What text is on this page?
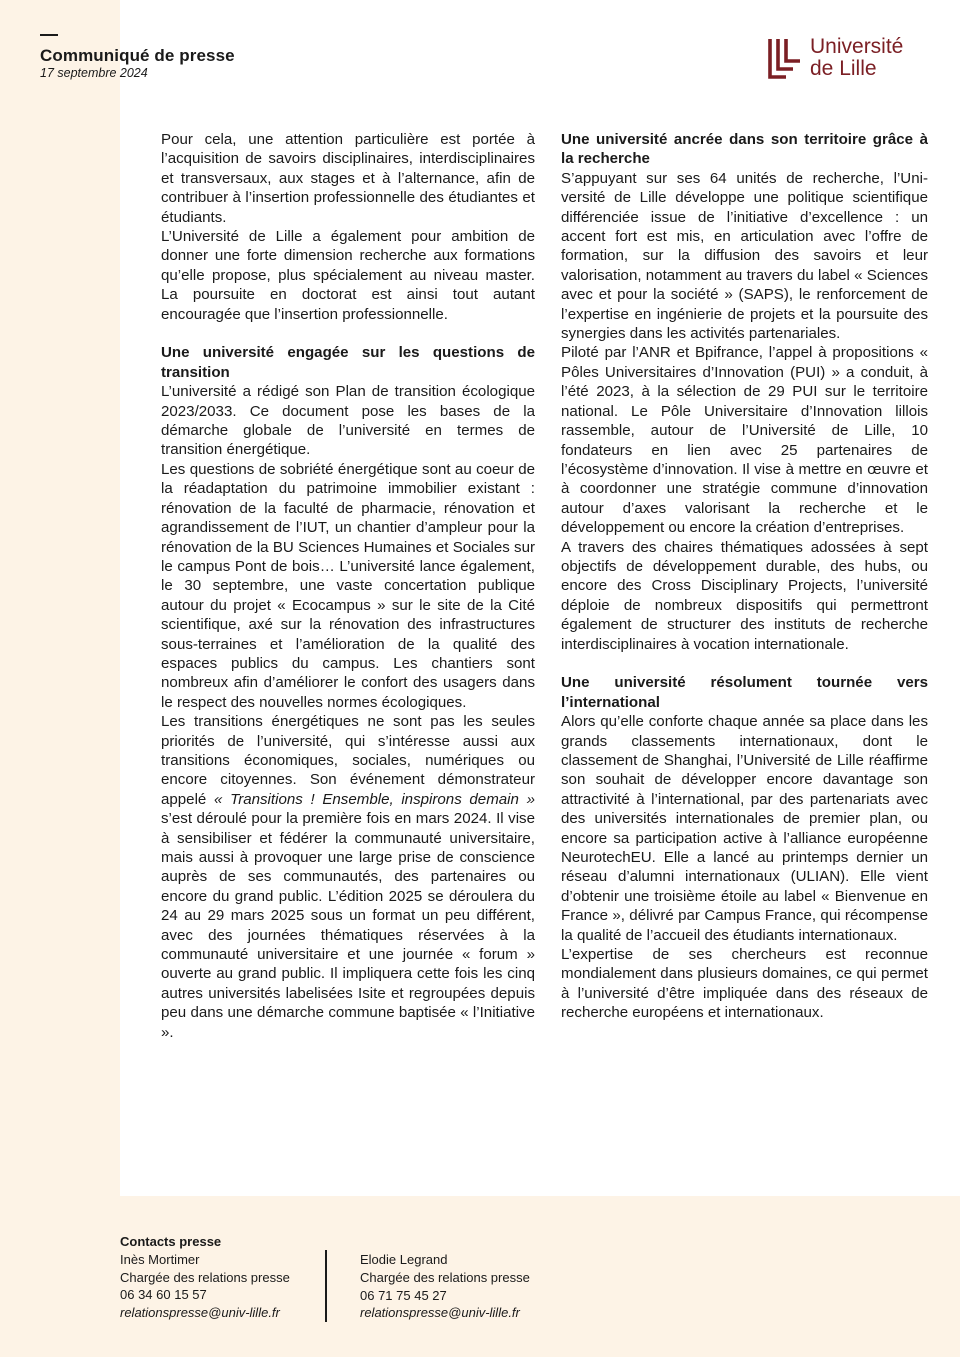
Communiqué de presse
17 septembre 2024
Université
de Lille

Pour cela, une attention particulière est portée à l’acquisition de savoirs disciplinaires, interdisciplinaires et transversaux, aux stages et à l’alternance, afin de contribuer à l’insertion professionnelle des étudiantes et étudiants.

L’Université de Lille a également pour ambition de donner une forte dimension recherche aux formations qu’elle propose, plus spécialement au niveau master. La poursuite en doctorat est ainsi tout autant encouragée que l’insertion professionnelle.

Une université engagée sur les questions de transition

L’université a rédigé son Plan de transition écologique 2023/2033. Ce document pose les bases de la démarche globale de l’université en termes de transition énergétique.

Les questions de sobriété énergétique sont au coeur de la réadaptation du patrimoine immobilier existant : rénovation de la faculté de pharmacie, rénovation et agrandissement de l’IUT, un chantier d’ampleur pour la rénovation de la BU Sciences Humaines et Sociales sur le campus Pont de bois… L’université lance également, le 30 septembre, une vaste concertation publique autour du projet « Ecocampus » sur le site de la Cité scientifique, axé sur la rénovation des infrastructures sous-terraines et l’amélioration de la qualité des espaces publics du campus. Les chantiers sont nombreux afin d’améliorer le confort des usagers dans le respect des nouvelles normes écologiques.

Les transitions énergétiques ne sont pas les seules priorités de l’université, qui s’intéresse aussi aux transitions économiques, sociales, numériques ou encore citoyennes. Son événement démonstrateur appelé « Transitions ! Ensemble, inspirons demain » s’est déroulé pour la première fois en mars 2024. Il vise à sensibiliser et fédérer la communauté universitaire, mais aussi à provoquer une large prise de conscience auprès de ses communautés, des partenaires ou encore du grand public. L’édition 2025 se déroulera du 24 au 29 mars 2025 sous un format un peu différent, avec des journées thématiques réservées à la communauté universitaire et une journée « forum » ouverte au grand public. Il impliquera cette fois les cinq autres universités labelisées Isite et regroupées depuis peu dans une démarche commune baptisée « l’Initiative ».

Une université ancrée dans son territoire grâce à la recherche

S’appuyant sur ses 64 unités de recherche, l’Université de Lille développe une politique scientifique différenciée issue de l’initiative d’excellence : un accent fort est mis, en articulation avec l’offre de formation, sur la diffusion des savoirs et leur valorisation, notamment au travers du label « Sciences avec et pour la société » (SAPS), le renforcement de l’expertise en ingénierie de projets et la poursuite des synergies dans les activités partenariales.

Piloté par l’ANR et Bpifrance, l’appel à propositions « Pôles Universitaires d’Innovation (PUI) » a conduit, à l’été 2023, à la sélection de 29 PUI sur le territoire national. Le Pôle Universitaire d’Innovation lillois rassemble, autour de l’Université de Lille, 10 fondateurs en lien avec 25 partenaires de l’écosystème d’innovation. Il vise à mettre en œuvre et à coordonner une stratégie commune d’innovation autour d’axes valorisant la recherche et le développement ou encore la création d’entreprises.

A travers des chaires thématiques adossées à sept objectifs de développement durable, des hubs, ou encore des Cross Disciplinary Projects, l’université déploie de nombreux dispositifs qui permettront également de structurer des instituts de recherche interdisciplinaires à vocation internationale.

Une université résolument tournée vers l’international

Alors qu’elle conforte chaque année sa place dans les grands classements internationaux, dont le classement de Shanghai, l’Université de Lille réaffirme son souhait de développer encore davantage son attractivité à l’international, par des partenariats avec des universités internationales de premier plan, ou encore sa participation active à l’alliance européenne NeurotechEU. Elle a lancé au printemps dernier un réseau d’alumni internationaux (ULIAN). Elle vient d’obtenir une troisième étoile au label « Bienvenue en France », délivré par Campus France, qui récompense la qualité de l’accueil des étudiants internationaux.

L’expertise de ses chercheurs est reconnue mondialement dans plusieurs domaines, ce qui permet à l’université d’être impliquée dans des réseaux de recherche européens et internationaux.

Contacts presse
Inès Mortimer
Chargée des relations presse
06 34 60 15 57
relationspresse@univ-lille.fr
Elodie Legrand
Chargée des relations presse
06 71 75 45 27
relationspresse@univ-lille.fr
